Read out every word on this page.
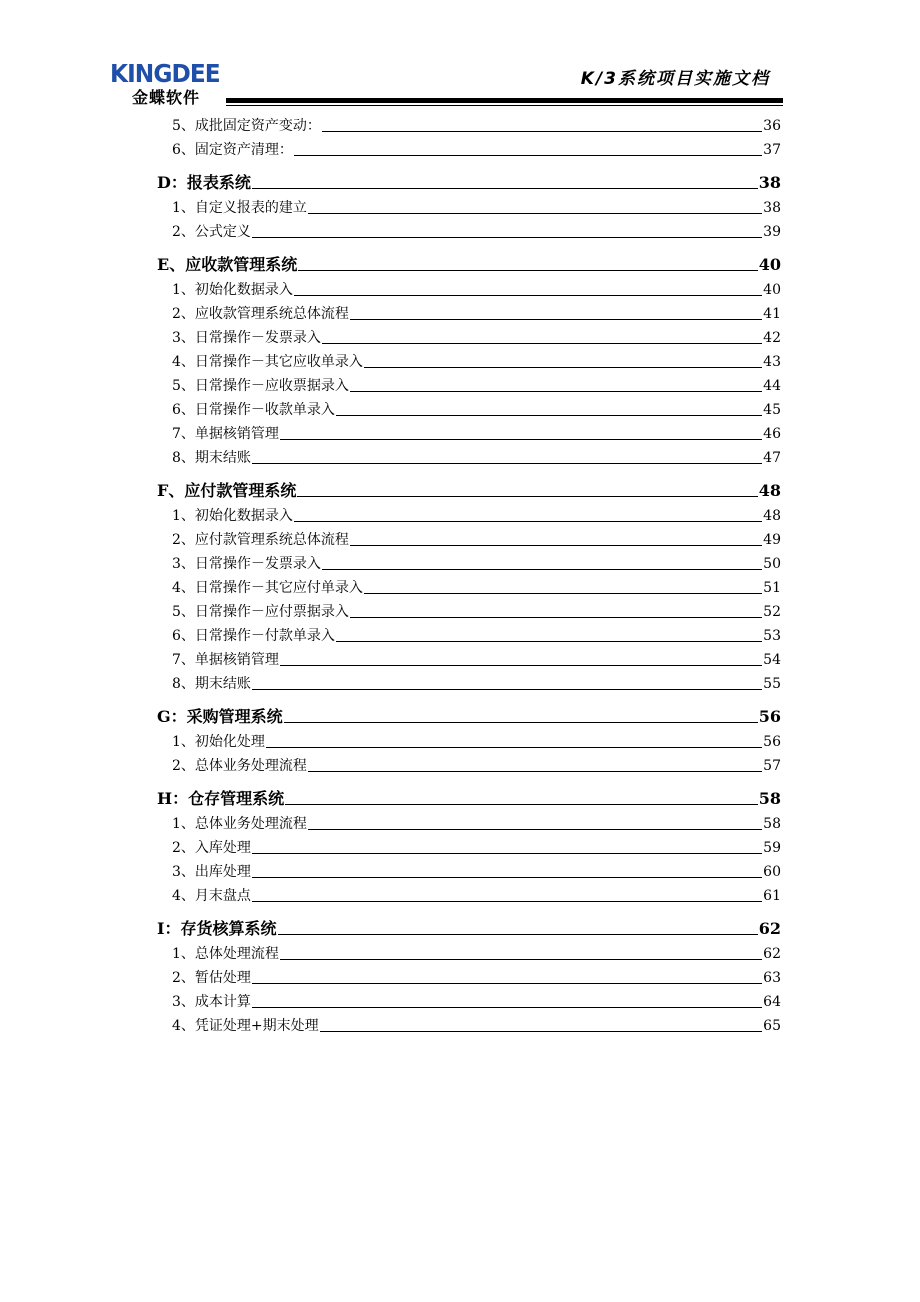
KINGDEE
金蝶软件
K/3系统项目实施文档
5、成批固定资产变动：	36
6、固定资产清理：	37
D：报表系统	38
1、自定义报表的建立	38
2、公式定义	39
E、应收款管理系统	40
1、初始化数据录入	40
2、应收款管理系统总体流程	41
3、日常操作－发票录入	42
4、日常操作－其它应收单录入	43
5、日常操作－应收票据录入	44
6、日常操作－收款单录入	45
7、单据核销管理	46
8、期末结账	47
F、应付款管理系统	48
1、初始化数据录入	48
2、应付款管理系统总体流程	49
3、日常操作－发票录入	50
4、日常操作－其它应付单录入	51
5、日常操作－应付票据录入	52
6、日常操作－付款单录入	53
7、单据核销管理	54
8、期末结账	55
G：采购管理系统	56
1、初始化处理	56
2、总体业务处理流程	57
H：仓存管理系统	58
1、总体业务处理流程	58
2、入库处理	59
3、出库处理	60
4、月末盘点	61
I：存货核算系统	62
1、总体处理流程	62
2、暂估处理	63
3、成本计算	64
4、凭证处理+期末处理	65
